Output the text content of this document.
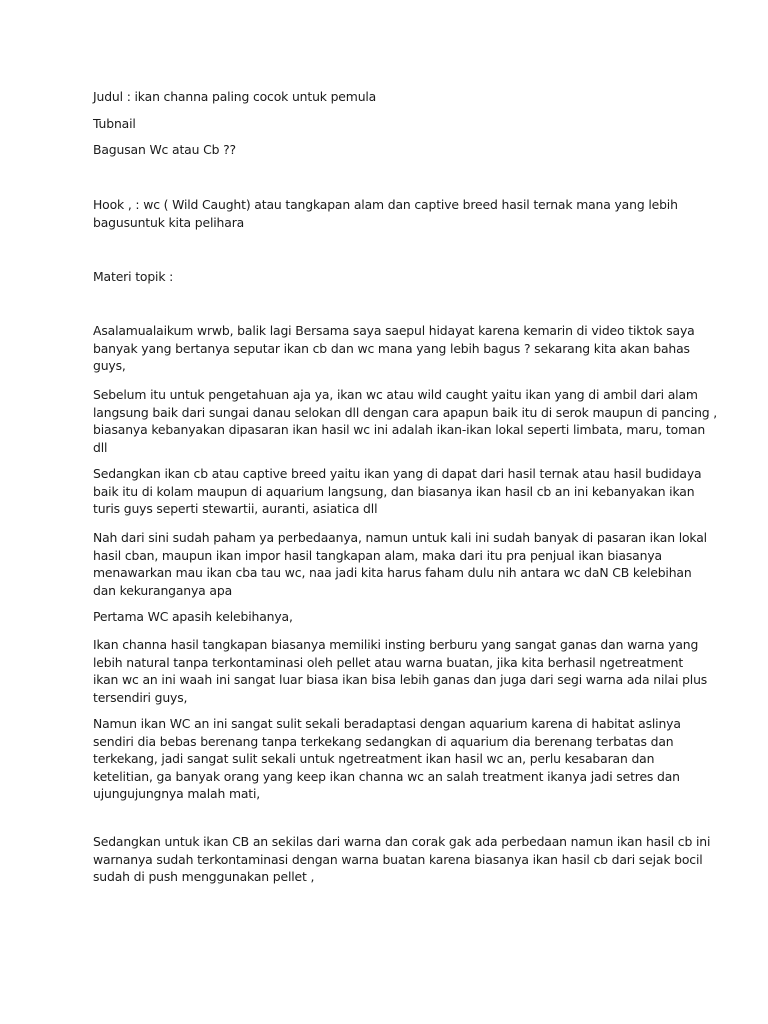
Judul : ikan channa paling cocok untuk pemula
Tubnail
Bagusan Wc atau Cb ??
Hook , : wc ( Wild Caught) atau tangkapan alam dan captive breed hasil ternak mana yang lebih
bagusuntuk kita pelihara
Materi topik :
Asalamualaikum wrwb, balik lagi Bersama saya saepul hidayat karena kemarin di video tiktok saya
banyak yang bertanya seputar ikan cb dan wc mana yang lebih bagus ? sekarang kita akan bahas
guys,
Sebelum itu untuk pengetahuan aja ya, ikan wc atau wild caught yaitu ikan yang di ambil dari alam
langsung baik dari sungai danau selokan dll dengan cara apapun baik itu di serok maupun di pancing ,
biasanya kebanyakan dipasaran ikan hasil wc ini adalah ikan-ikan lokal seperti limbata, maru, toman
dll
Sedangkan ikan cb atau captive breed yaitu ikan yang di dapat dari hasil ternak atau hasil budidaya
baik itu di kolam maupun di aquarium langsung, dan biasanya ikan hasil cb an ini kebanyakan ikan
turis guys seperti stewartii, auranti, asiatica dll
Nah dari sini sudah paham ya perbedaanya, namun untuk kali ini sudah banyak di pasaran ikan lokal
hasil cban, maupun ikan impor hasil tangkapan alam, maka dari itu pra penjual ikan biasanya
menawarkan mau ikan cba tau wc, naa jadi kita harus faham dulu nih antara wc daN CB kelebihan
dan kekuranganya apa
Pertama WC apasih kelebihanya,
Ikan channa hasil tangkapan biasanya memiliki insting berburu yang sangat ganas dan warna yang
lebih natural tanpa terkontaminasi oleh pellet atau warna buatan, jika kita berhasil ngetreatment
ikan wc an ini waah ini sangat luar biasa ikan bisa lebih ganas dan juga dari segi warna ada nilai plus
tersendiri guys,
Namun ikan WC an ini sangat sulit sekali beradaptasi dengan aquarium karena di habitat aslinya
sendiri dia bebas berenang tanpa terkekang sedangkan di aquarium dia berenang terbatas dan
terkekang, jadi sangat sulit sekali untuk ngetreatment ikan hasil wc an, perlu kesabaran dan
ketelitian, ga banyak orang yang keep ikan channa wc an salah treatment ikanya jadi setres dan
ujungujungnya malah mati,
Sedangkan untuk ikan CB an sekilas dari warna dan corak gak ada perbedaan namun ikan hasil cb ini
warnanya sudah terkontaminasi dengan warna buatan karena biasanya ikan hasil cb dari sejak bocil
sudah di push menggunakan pellet ,
